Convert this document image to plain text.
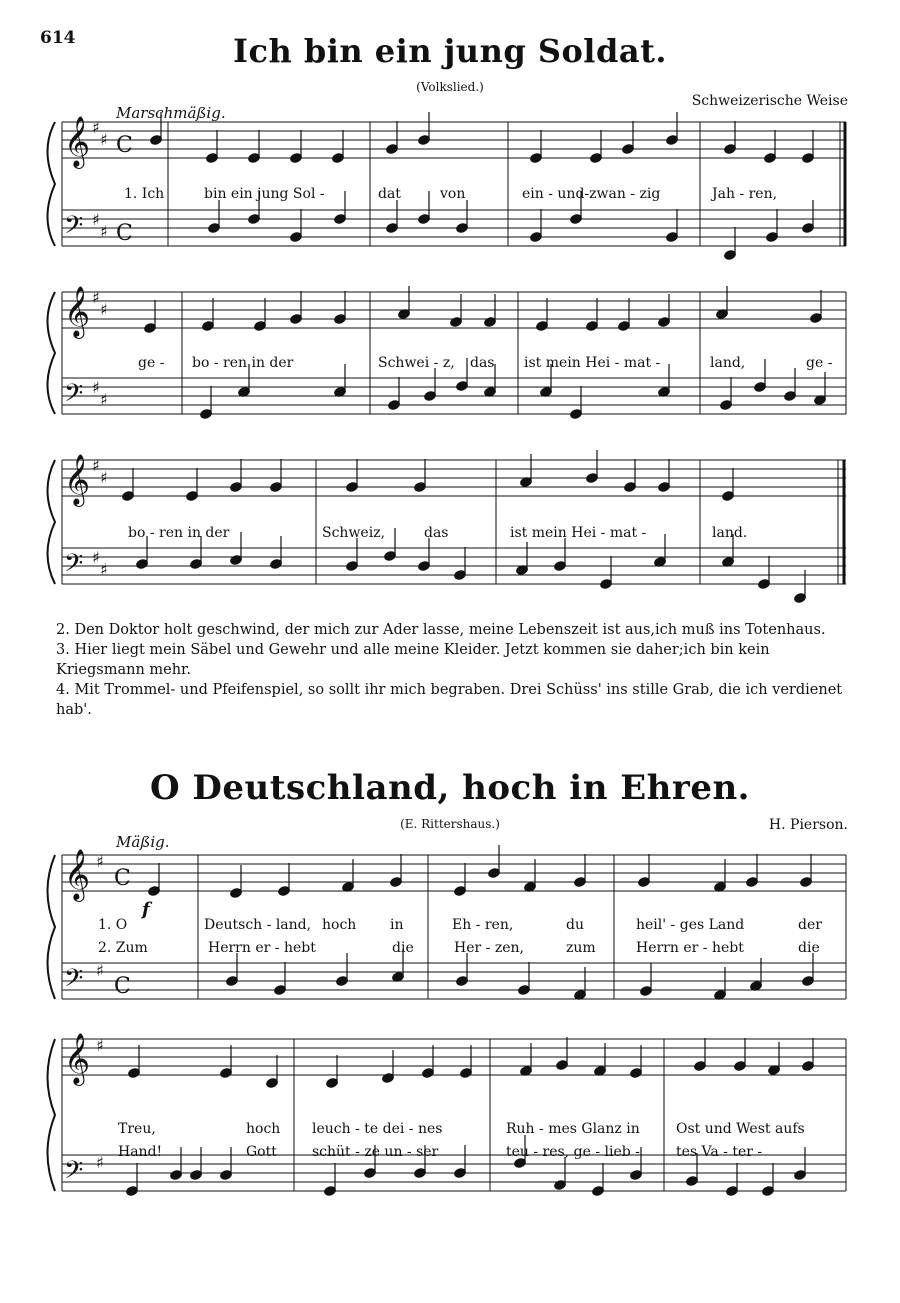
614	Ich bin ein jung Soldat.
(Volkslied.)
Schweizerische Weise
Marschmäßig.
𝄞
𝄢
♯
♯
♯
♯
C
C
𝄞
𝄢
♯
♯
♯
♯
𝄞
𝄢
♯
♯
♯
♯
1. Ich	bin ein jung Sol -	dat	von	ein - und-zwan - zig	Jah - ren,
ge - bo - ren in der	Schwei - z, das ist mein Hei - mat -	land,	ge -
bo - ren in der	Schweiz,	das	ist mein Hei - mat -	land.

2. Den Doktor holt geschwind, der mich zur Ader lasse, meine Lebenszeit ist aus,ich muß ins Totenhaus.

3. Hier liegt mein Säbel und Gewehr und alle meine Kleider. Jetzt kommen sie daher;ich bin kein Kriegsmann mehr.

4. Mit Trommel- und Pfeifenspiel, so sollt ihr mich begraben. Drei Schüss' ins stille Grab, die ich verdienet hab'.

O Deutschland, hoch in Ehren.
(E. Rittershaus.)	H. Pierson.
Mäßig.
𝄞
𝄢
♯
♯
C
C
𝄞
𝄢
♯
♯
f
1. O	Deutsch - land, hoch in	Eh - ren,	du	heil' - ges Land	der
2. Zum	Herrn er - hebt	die	Her - zen,	zum	Herrn er - hebt	die
Treu,	hoch leuch - te dei - nes	Ruh - mes Glanz in	Ost und West aufs
Hand!	Gott	schüt - ze un - ser	teu - res, ge - lieb -	tes Va - ter -
